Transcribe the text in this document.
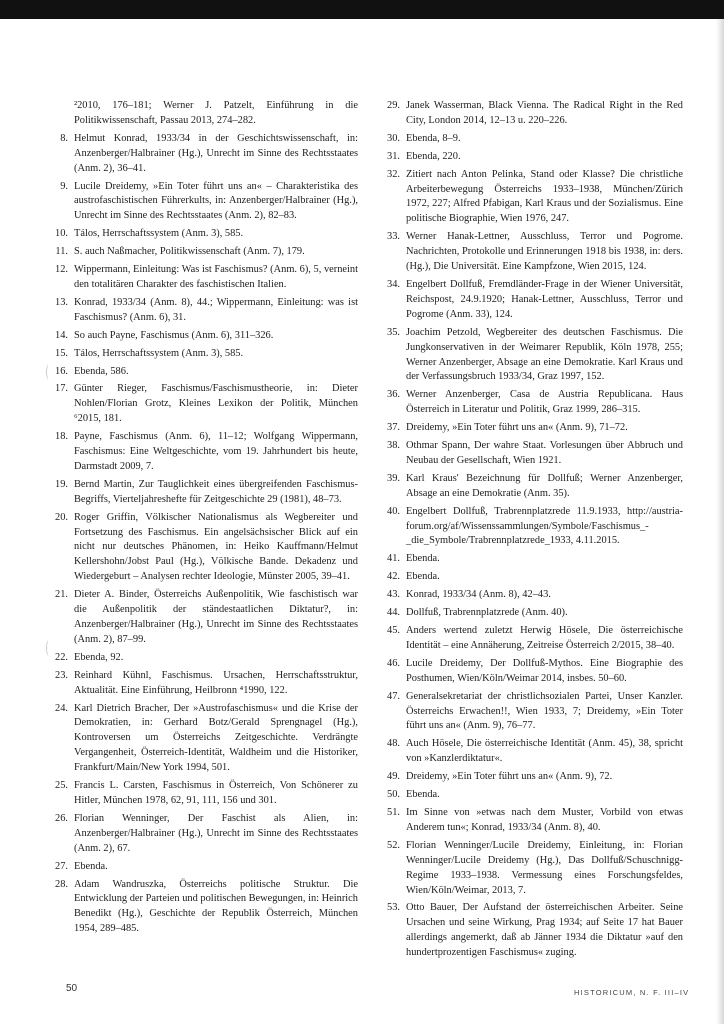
²2010, 176–181; Werner J. Patzelt, Einführung in die Politikwissenschaft, Passau 2013, 274–282.
8. Helmut Konrad, 1933/34 in der Geschichtswissenschaft, in: Anzenberger/Halbrainer (Hg.), Unrecht im Sinne des Rechtsstaates (Anm. 2), 36–41.
9. Lucile Dreidemy, »Ein Toter führt uns an« – Charakteristika des austrofaschistischen Führerkults, in: Anzenberger/Halbrainer (Hg.), Unrecht im Sinne des Rechtsstaates (Anm. 2), 82–83.
10. Tálos, Herrschaftssystem (Anm. 3), 585.
11. S. auch Naßmacher, Politikwissenschaft (Anm. 7), 179.
12. Wippermann, Einleitung: Was ist Faschismus? (Anm. 6), 5, verneint den totalitären Charakter des faschistischen Italien.
13. Konrad, 1933/34 (Anm. 8), 44.; Wippermann, Einleitung: was ist Faschismus? (Anm. 6), 31.
14. So auch Payne, Faschismus (Anm. 6), 311–326.
15. Tálos, Herrschaftssystem (Anm. 3), 585.
16. Ebenda, 586.
17. Günter Rieger, Faschismus/Faschismustheorie, in: Dieter Nohlen/Florian Grotz, Kleines Lexikon der Politik, München ⁶2015, 181.
18. Payne, Faschismus (Anm. 6), 11–12; Wolfgang Wippermann, Faschismus: Eine Weltgeschichte, vom 19. Jahrhundert bis heute, Darmstadt 2009, 7.
19. Bernd Martin, Zur Tauglichkeit eines übergreifenden Faschismus-Begriffs, Vierteljahreshefte für Zeitgeschichte 29 (1981), 48–73.
20. Roger Griffin, Völkischer Nationalismus als Wegbereiter und Fortsetzung des Faschismus. Ein angelsächsischer Blick auf ein nicht nur deutsches Phänomen, in: Heiko Kauffmann/Helmut Kellershohn/Jobst Paul (Hg.), Völkische Bande. Dekadenz und Wiedergeburt – Analysen rechter Ideologie, Münster 2005, 39–41.
21. Dieter A. Binder, Österreichs Außenpolitik, Wie faschistisch war die Außenpolitik der ständestaatlichen Diktatur?, in: Anzenberger/Halbrainer (Hg.), Unrecht im Sinne des Rechtsstaates (Anm. 2), 87–99.
22. Ebenda, 92.
23. Reinhard Kühnl, Faschismus. Ursachen, Herrschaftsstruktur, Aktualität. Eine Einführung, Heilbronn ⁴1990, 122.
24. Karl Dietrich Bracher, Der »Austrofaschismus« und die Krise der Demokratien, in: Gerhard Botz/Gerald Sprengnagel (Hg.), Kontroversen um Österreichs Zeitgeschichte. Verdrängte Vergangenheit, Österreich-Identität, Waldheim und die Historiker, Frankfurt/Main/New York 1994, 501.
25. Francis L. Carsten, Faschismus in Österreich, Von Schönerer zu Hitler, München 1978, 62, 91, 111, 156 und 301.
26. Florian Wenninger, Der Faschist als Alien, in: Anzenberger/Halbrainer (Hg.), Unrecht im Sinne des Rechtsstaates (Anm. 2), 67.
27. Ebenda.
28. Adam Wandruszka, Österreichs politische Struktur. Die Entwicklung der Parteien und politischen Bewegungen, in: Heinrich Benedikt (Hg.), Geschichte der Republik Österreich, München 1954, 289–485.
29. Janek Wasserman, Black Vienna. The Radical Right in the Red City, London 2014, 12–13 u. 220–226.
30. Ebenda, 8–9.
31. Ebenda, 220.
32. Zitiert nach Anton Pelinka, Stand oder Klasse? Die christliche Arbeiterbewegung Österreichs 1933–1938, München/Zürich 1972, 227; Alfred Pfabigan, Karl Kraus und der Sozialismus. Eine politische Biographie, Wien 1976, 247.
33. Werner Hanak-Lettner, Ausschluss, Terror und Pogrome. Nachrichten, Protokolle und Erinnerungen 1918 bis 1938, in: ders. (Hg.), Die Universität. Eine Kampfzone, Wien 2015, 124.
34. Engelbert Dollfuß, Fremdländer-Frage in der Wiener Universität, Reichspost, 24.9.1920; Hanak-Lettner, Ausschluss, Terror und Pogrome (Anm. 33), 124.
35. Joachim Petzold, Wegbereiter des deutschen Faschismus. Die Jungkonservativen in der Weimarer Republik, Köln 1978, 255; Werner Anzenberger, Absage an eine Demokratie. Karl Kraus und der Verfassungsbruch 1933/34, Graz 1997, 152.
36. Werner Anzenberger, Casa de Austria Republicana. Haus Österreich in Literatur und Politik, Graz 1999, 286–315.
37. Dreidemy, »Ein Toter führt uns an« (Anm. 9), 71–72.
38. Othmar Spann, Der wahre Staat. Vorlesungen über Abbruch und Neubau der Gesellschaft, Wien 1921.
39. Karl Kraus' Bezeichnung für Dollfuß; Werner Anzenberger, Absage an eine Demokratie (Anm. 35).
40. Engelbert Dollfuß, Trabrennplatzrede 11.9.1933, http://austria-forum.org/af/Wissenssammlungen/Symbole/Faschismus_-_die_Symbole/Trabrennplatzrede_1933, 4.11.2015.
41. Ebenda.
42. Ebenda.
43. Konrad, 1933/34 (Anm. 8), 42–43.
44. Dollfuß, Trabrennplatzrede (Anm. 40).
45. Anders wertend zuletzt Herwig Hösele, Die österreichische Identität – eine Annäherung, Zeitreise Österreich 2/2015, 38–40.
46. Lucile Dreidemy, Der Dollfuß-Mythos. Eine Biographie des Posthumen, Wien/Köln/Weimar 2014, insbes. 50–60.
47. Generalsekretariat der christlichsozialen Partei, Unser Kanzler. Österreichs Erwachen!!, Wien 1933, 7; Dreidemy, »Ein Toter führt uns an« (Anm. 9), 76–77.
48. Auch Hösele, Die österreichische Identität (Anm. 45), 38, spricht von »Kanzlerdiktatur«.
49. Dreidemy, »Ein Toter führt uns an« (Anm. 9), 72.
50. Ebenda.
51. Im Sinne von »etwas nach dem Muster, Vorbild von etwas Anderem tun«; Konrad, 1933/34 (Anm. 8), 40.
52. Florian Wenninger/Lucile Dreidemy, Einleitung, in: Florian Wenninger/Lucile Dreidemy (Hg.), Das Dollfuß/Schuschnigg-Regime 1933–1938. Vermessung eines Forschungsfeldes, Wien/Köln/Weimar, 2013, 7.
53. Otto Bauer, Der Aufstand der österreichischen Arbeiter. Seine Ursachen und seine Wirkung, Prag 1934; auf Seite 17 hat Bauer allerdings angemerkt, daß ab Jänner 1934 die Diktatur »auf den hundertprozentigen Faschismus« zuging.
50	HISTORICUM, N. F. III–IV
